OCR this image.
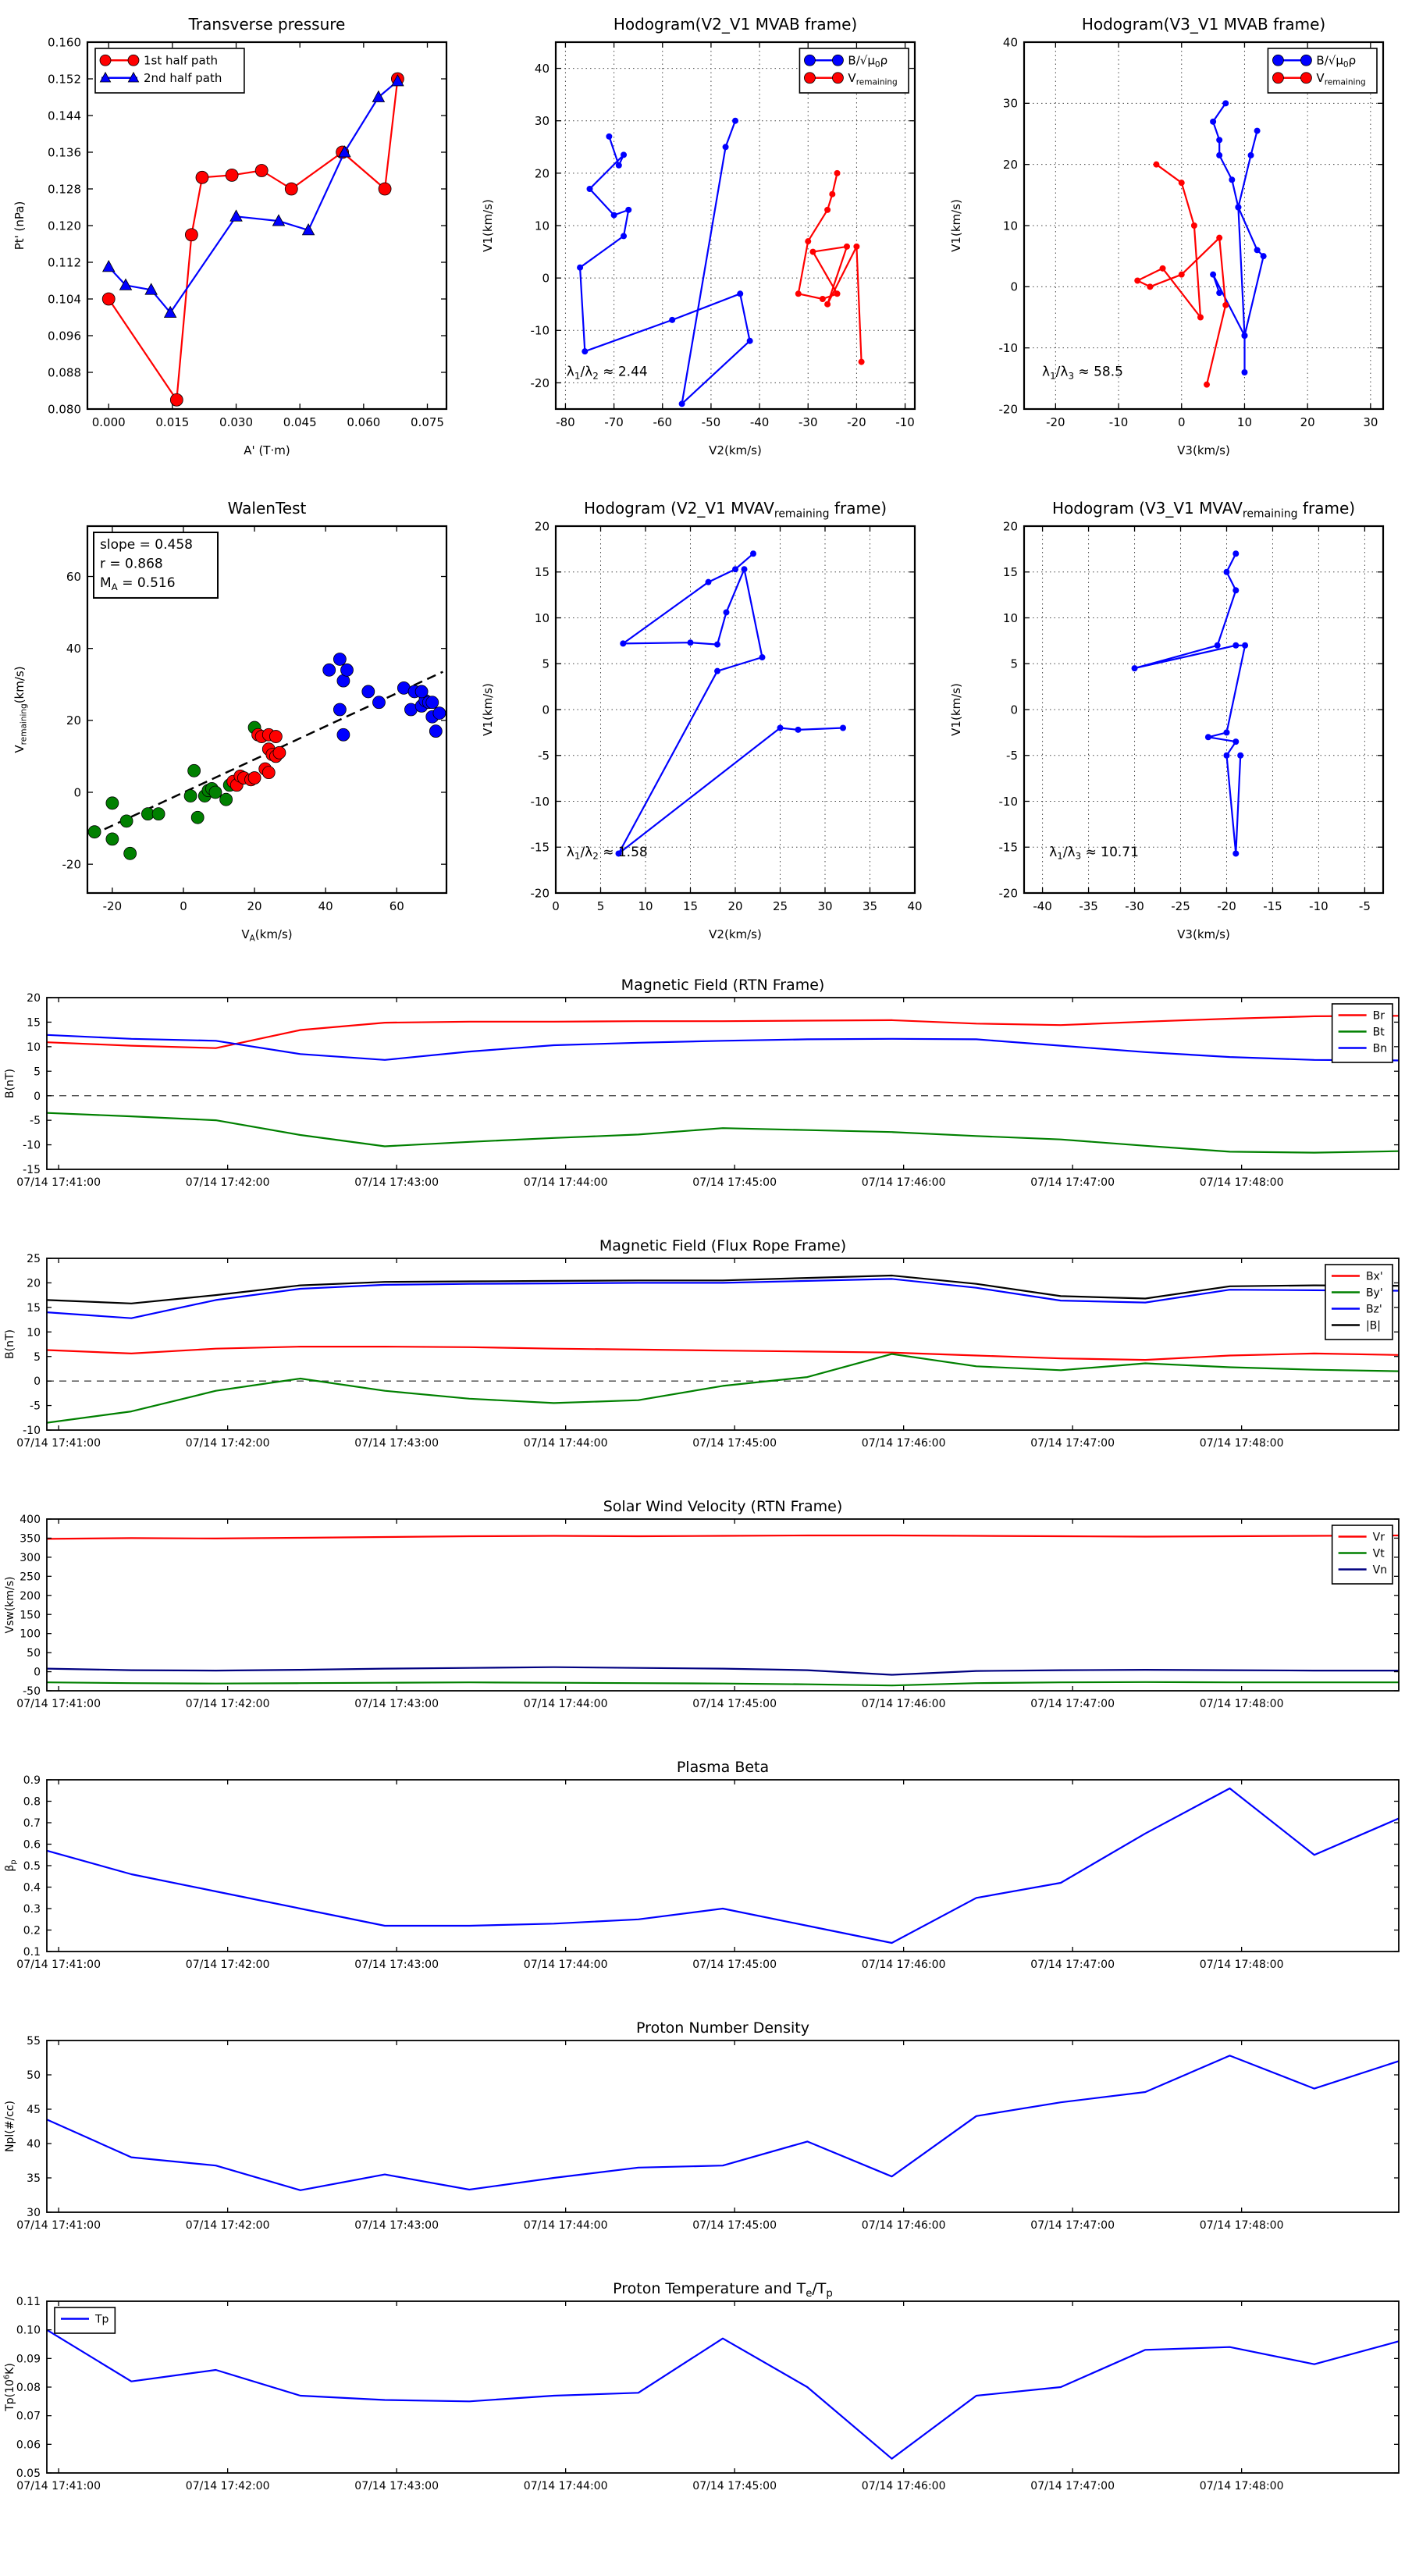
0.000	0.015	0.030	0.045	0.060	0.075
0.080
0.088
0.096
0.104
0.112
0.120
0.128
0.136
0.144
0.152
0.160
Transverse pressure
A' (T·m)
Pt' (nPa)
1st half path
2nd half path
-80	-70	-60	-50	-40	-30	-20	-10
-20
-10
0
10
20
30
40
Hodogram(V2_V1 MVAB frame)
V2(km/s)
V1(km/s)
$\lambda_1/\lambda_2 \approx 2.44$
$B/√\mu_0\rho$
$V_{remaining}$
-20	-10	0	10	20	30
-20
-10
0
10
20
30
40
Hodogram(V3_V1 MVAB frame)
V3(km/s)
V1(km/s)
$\lambda_1/\lambda_3 \approx 58.5$
$B/√\mu_0\rho$
$V_{remaining}$
-20	0	20	40	60
-20
0
20
40
60
WalenTest
$V_A(km/s)$
$V_{remaining}(km/s)$
slope = 0.458
r = 0.868
$M_A = 0.516$
0	5	10	15	20	25	30	35	40
-20
-15
-10
-5
0
5
10
15
20
Hodogram (V2_V1 $MVAV_{remaining}$ frame)
V2(km/s)
V1(km/s)
$\lambda_1/\lambda_2 \approx 1.58$
-40 -35 -30 -25 -20 -15 -10	-5
-20
-15
-10
-5
0
5
10
15
20
Hodogram (V3_V1 $MVAV_{remaining}$ frame)
V3(km/s)
V1(km/s)
$\lambda_1/\lambda_3 \approx 10.71$
07/14 17:41:00	07/14 17:42:00	07/14 17:43:00	07/14 17:44:00	07/14 17:45:00	07/14 17:46:00	07/14 17:47:00	07/14 17:48:00
-15
-10
-5
0
5
10
15
20
Magnetic Field (RTN Frame)
B(nT)
Br
Bt
Bn
07/14 17:41:00	07/14 17:42:00	07/14 17:43:00	07/14 17:44:00	07/14 17:45:00	07/14 17:46:00	07/14 17:47:00	07/14 17:48:00
-10
-5
0
5
10
15
20
25
Magnetic Field (Flux Rope Frame)
B(nT)
Bx'
By'
Bz'
|B|
07/14 17:41:00	07/14 17:42:00	07/14 17:43:00	07/14 17:44:00	07/14 17:45:00	07/14 17:46:00	07/14 17:47:00	07/14 17:48:00
-50
0
50
100
150
200
250
300
350
400
Solar Wind Velocity (RTN Frame)
Vsw(km/s)
Vr
Vt
Vn
07/14 17:41:00	07/14 17:42:00	07/14 17:43:00	07/14 17:44:00	07/14 17:45:00	07/14 17:46:00	07/14 17:47:00	07/14 17:48:00
0.1
0.2
0.3
0.4
0.5
0.6
0.7
0.8
0.9
Plasma Beta
$\beta_p$
07/14 17:41:00	07/14 17:42:00	07/14 17:43:00	07/14 17:44:00	07/14 17:45:00	07/14 17:46:00	07/14 17:47:00	07/14 17:48:00
30
35
40
45
50
55
Proton Number Density
Npl(#/cc)
07/14 17:41:00	07/14 17:42:00	07/14 17:43:00	07/14 17:44:00	07/14 17:45:00	07/14 17:46:00	07/14 17:47:00	07/14 17:48:00
0.05
0.06
0.07
0.08
0.09
0.10
0.11
Proton Temperature and $T_e/T_p$
$Tp(10^6K)$
Tp
